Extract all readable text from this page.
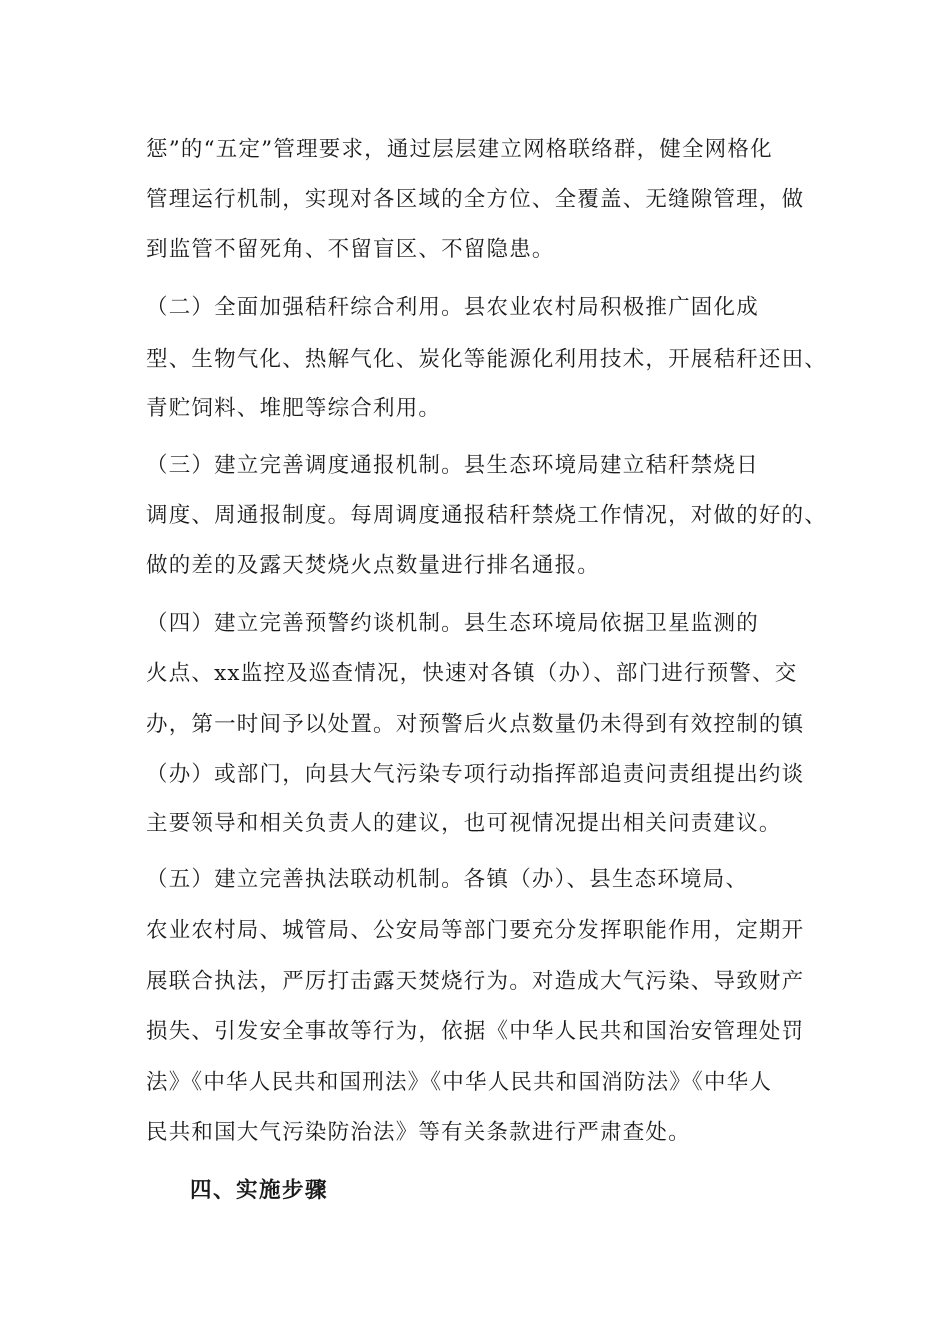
惩”的“五定”管理要求，通过层层建立网格联络群，健全网格化
管理运行机制，实现对各区域的全方位、全覆盖、无缝隙管理，做
到监管不留死角、不留盲区、不留隐患。
（二）全面加强秸秆综合利用。县农业农村局积极推广固化成
型、生物气化、热解气化、炭化等能源化利用技术，开展秸秆还田、
青贮饲料、堆肥等综合利用。
（三）建立完善调度通报机制。县生态环境局建立秸秆禁烧日
调度、周通报制度。每周调度通报秸秆禁烧工作情况，对做的好的、
做的差的及露天焚烧火点数量进行排名通报。
（四）建立完善预警约谈机制。县生态环境局依据卫星监测的
火点、xx监控及巡查情况，快速对各镇（办）、部门进行预警、交
办，第一时间予以处置。对预警后火点数量仍未得到有效控制的镇
（办）或部门，向县大气污染专项行动指挥部追责问责组提出约谈
主要领导和相关负责人的建议，也可视情况提出相关问责建议。
（五）建立完善执法联动机制。各镇（办）、县生态环境局、
农业农村局、城管局、公安局等部门要充分发挥职能作用，定期开
展联合执法，严厉打击露天焚烧行为。对造成大气污染、导致财产
损失、引发安全事故等行为，依据《中华人民共和国治安管理处罚
法》《中华人民共和国刑法》《中华人民共和国消防法》《中华人
民共和国大气污染防治法》等有关条款进行严肃查处。
四、实施步骤
